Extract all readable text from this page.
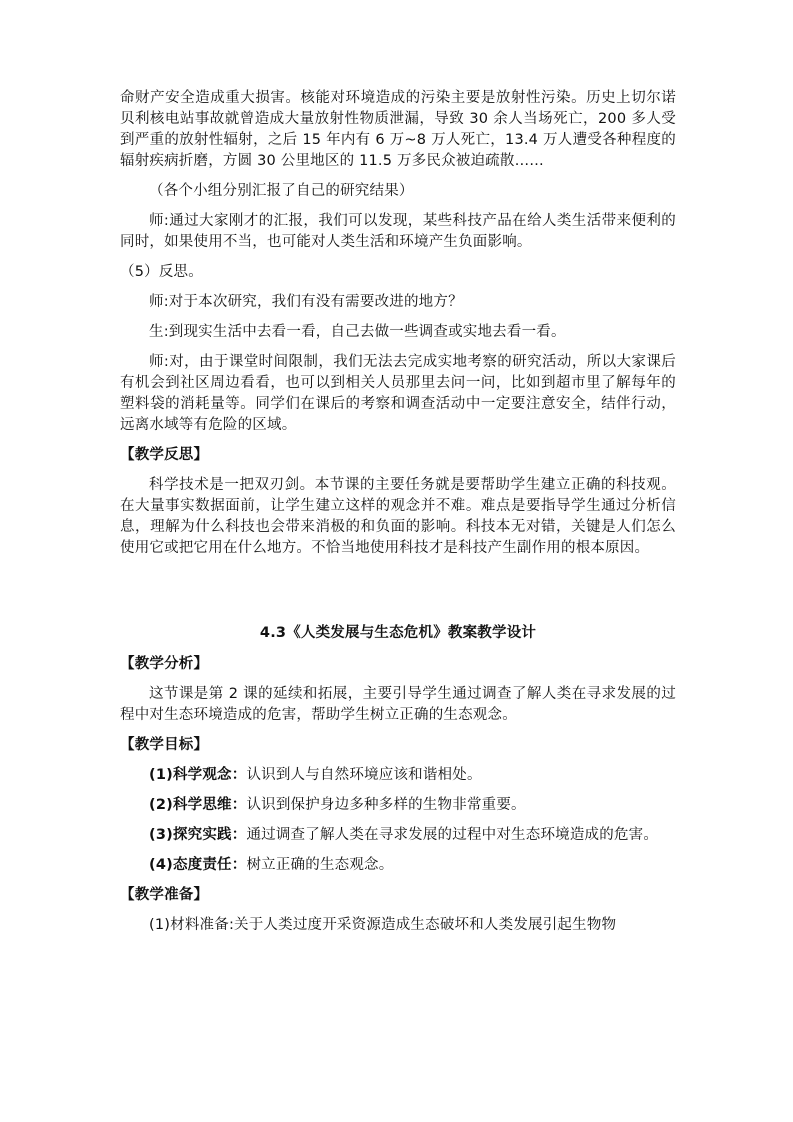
命财产安全造成重大损害。核能对环境造成的污染主要是放射性污染。历史上切尔诺贝利核电站事故就曾造成大量放射性物质泄漏，导致 30 余人当场死亡，200 多人受到严重的放射性辐射，之后 15 年内有 6 万~8 万人死亡，13.4 万人遭受各种程度的辐射疾病折磨，方圆 30 公里地区的 11.5 万多民众被迫疏散……

（各个小组分别汇报了自己的研究结果）

师:通过大家刚才的汇报，我们可以发现，某些科技产品在给人类生活带来便利的同时，如果使用不当，也可能对人类生活和环境产生负面影响。

（5）反思。

师:对于本次研究，我们有没有需要改进的地方？

生:到现实生活中去看一看，自己去做一些调查或实地去看一看。

师:对，由于课堂时间限制，我们无法去完成实地考察的研究活动，所以大家课后有机会到社区周边看看，也可以到相关人员那里去问一问，比如到超市里了解每年的塑料袋的消耗量等。同学们在课后的考察和调查活动中一定要注意安全，结伴行动，远离水域等有危险的区域。

【教学反思】

科学技术是一把双刃剑。本节课的主要任务就是要帮助学生建立正确的科技观。在大量事实数据面前，让学生建立这样的观念并不难。难点是要指导学生通过分析信息，理解为什么科技也会带来消极的和负面的影响。科技本无对错，关键是人们怎么使用它或把它用在什么地方。不恰当地使用科技才是科技产生副作用的根本原因。

4.3《人类发展与生态危机》教案教学设计

【教学分析】

这节课是第 2 课的延续和拓展，主要引导学生通过调查了解人类在寻求发展的过程中对生态环境造成的危害，帮助学生树立正确的生态观念。

【教学目标】

(1)科学观念：认识到人与自然环境应该和谐相处。

(2)科学思维：认识到保护身边多种多样的生物非常重要。

(3)探究实践：通过调查了解人类在寻求发展的过程中对生态环境造成的危害。

(4)态度责任：树立正确的生态观念。

【教学准备】

(1)材料准备:关于人类过度开采资源造成生态破坏和人类发展引起生物物
